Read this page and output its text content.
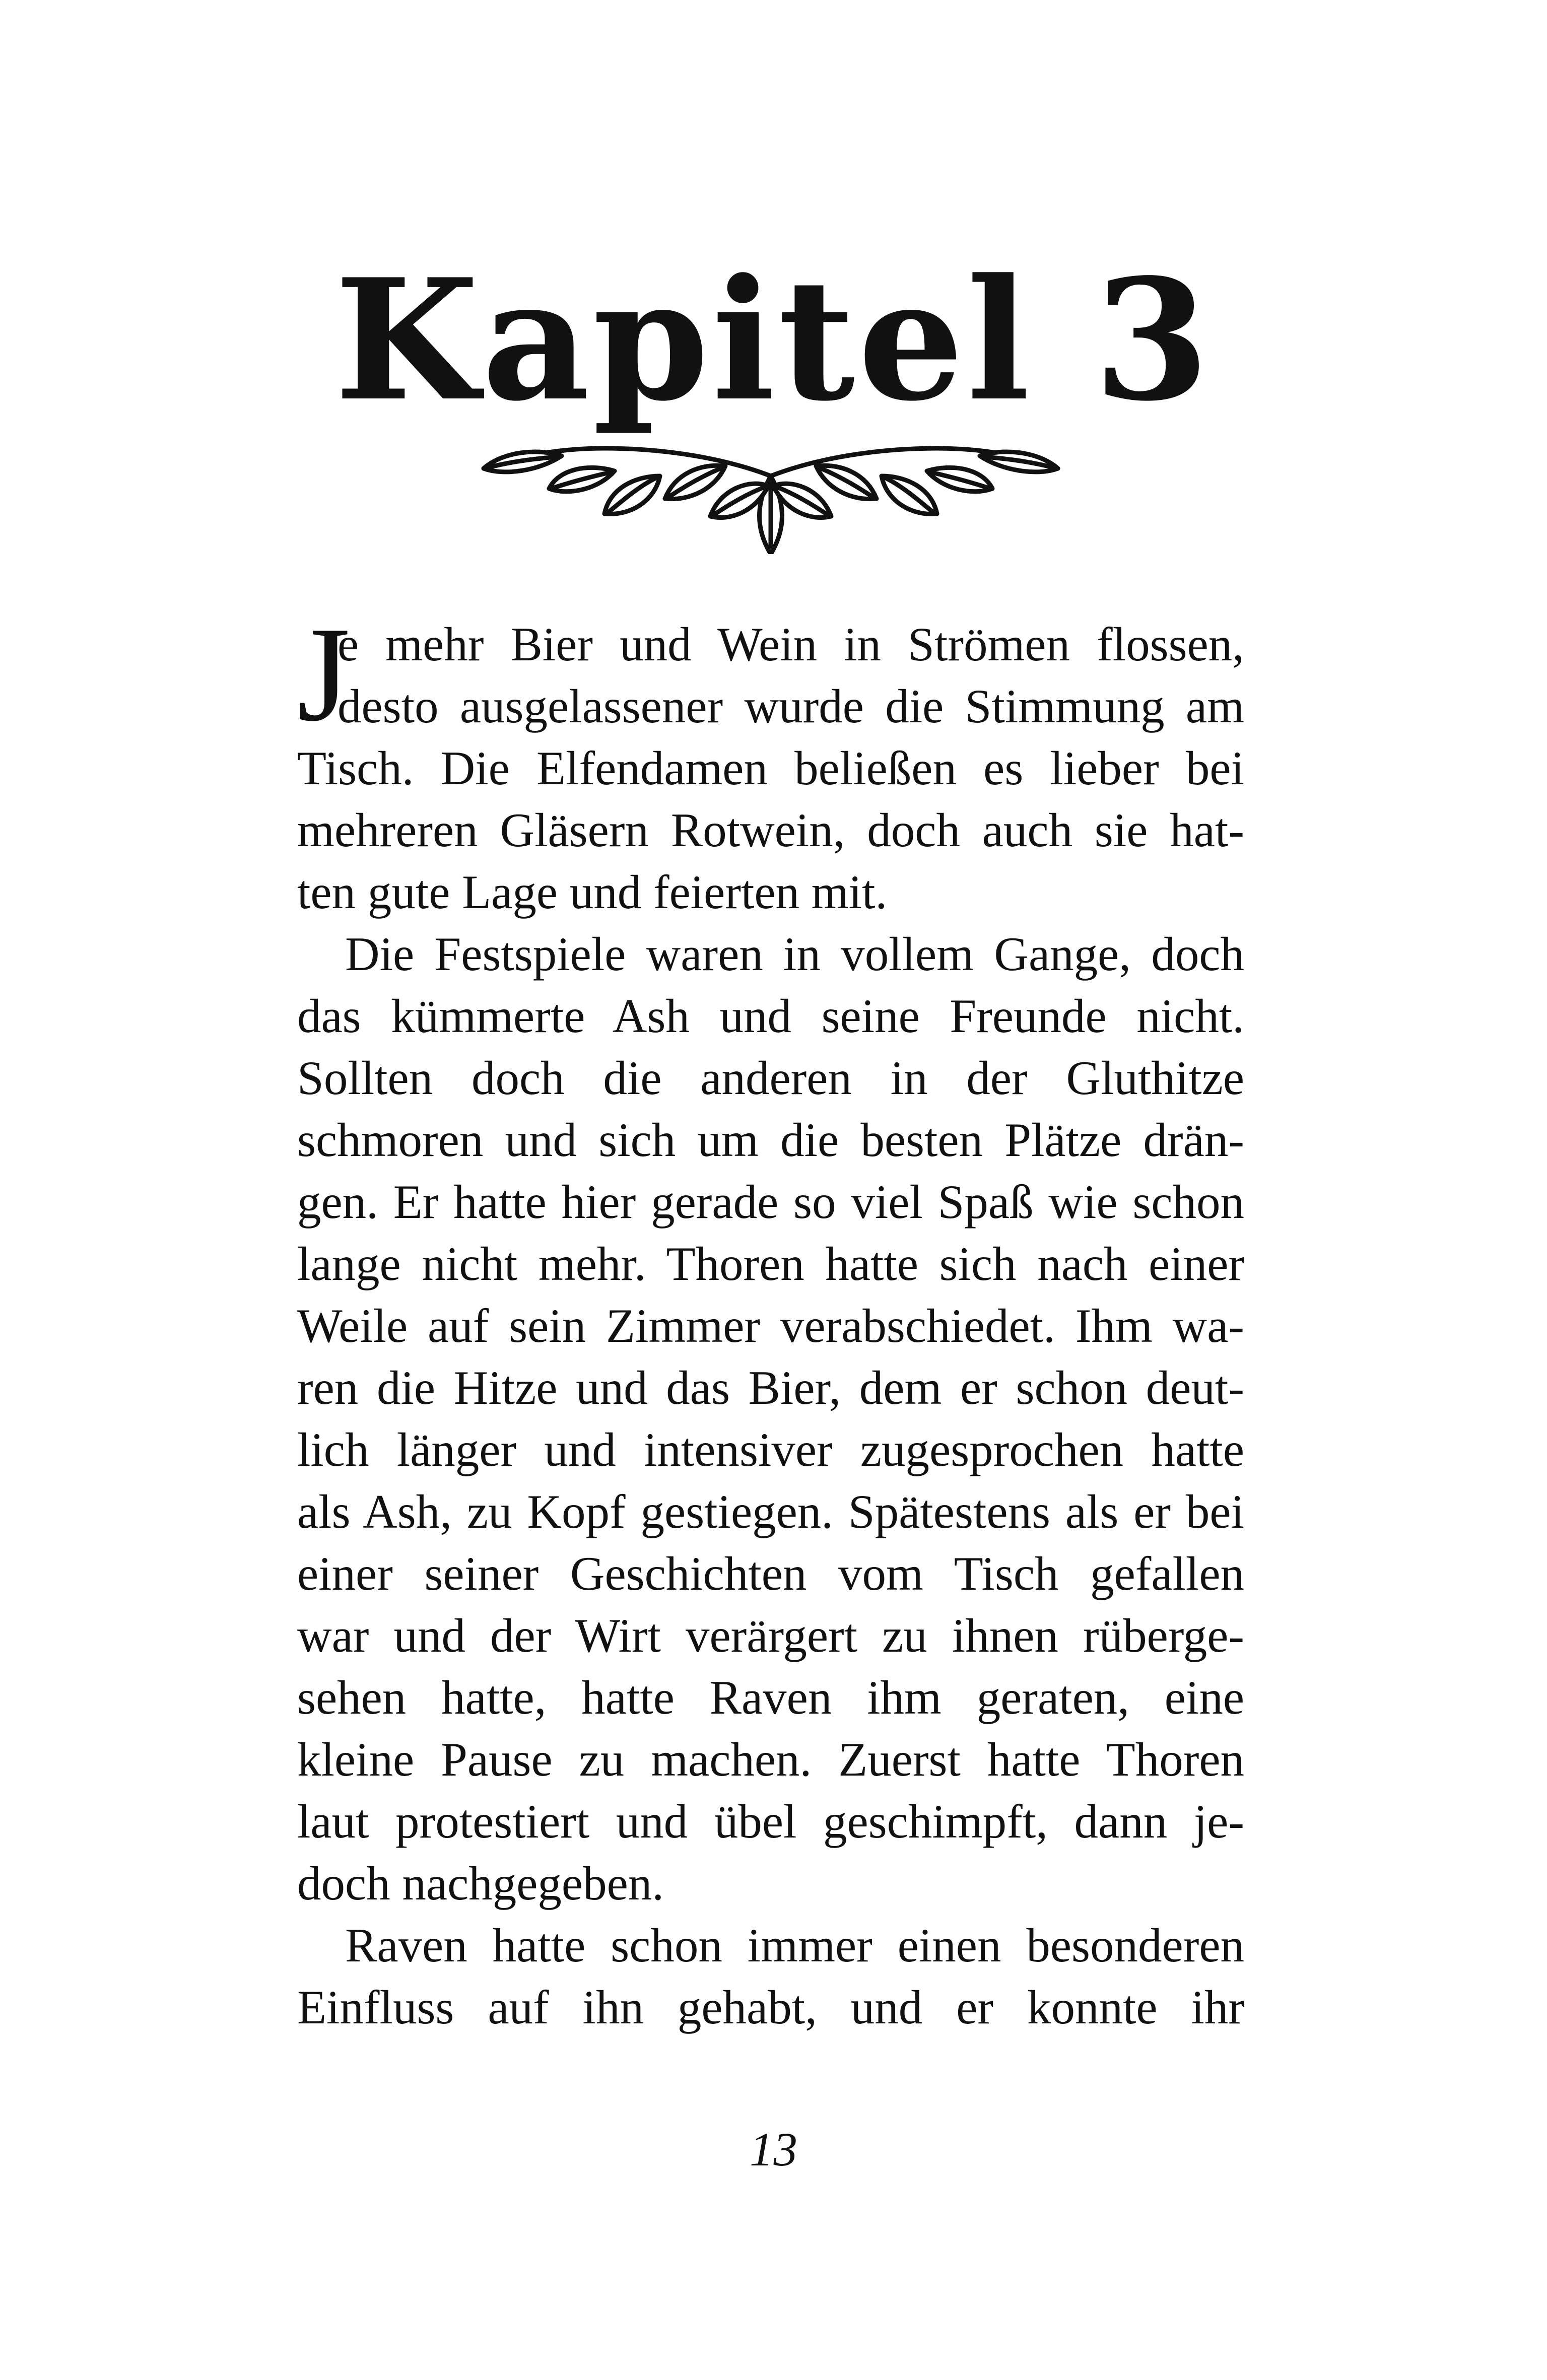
Kapitel 3
J
e mehr Bier und Wein in Strömen flossen,
desto ausgelassener wurde die Stimmung am
Tisch. Die Elfendamen beließen es lieber bei
mehreren Gläsern Rotwein, doch auch sie hat-
ten gute Lage und feierten mit.
Die Festspiele waren in vollem Gange, doch
das kümmerte Ash und seine Freunde nicht.
Sollten doch die anderen in der Gluthitze
schmoren und sich um die besten Plätze drän-
gen. Er hatte hier gerade so viel Spaß wie schon
lange nicht mehr. Thoren hatte sich nach einer
Weile auf sein Zimmer verabschiedet. Ihm wa-
ren die Hitze und das Bier, dem er schon deut-
lich länger und intensiver zugesprochen hatte
als Ash, zu Kopf gestiegen. Spätestens als er bei
einer seiner Geschichten vom Tisch gefallen
war und der Wirt verärgert zu ihnen rüberge-
sehen hatte, hatte Raven ihm geraten, eine
kleine Pause zu machen. Zuerst hatte Thoren
laut protestiert und übel geschimpft, dann je-
doch nachgegeben.
Raven hatte schon immer einen besonderen
Einfluss auf ihn gehabt, und er konnte ihr
13
